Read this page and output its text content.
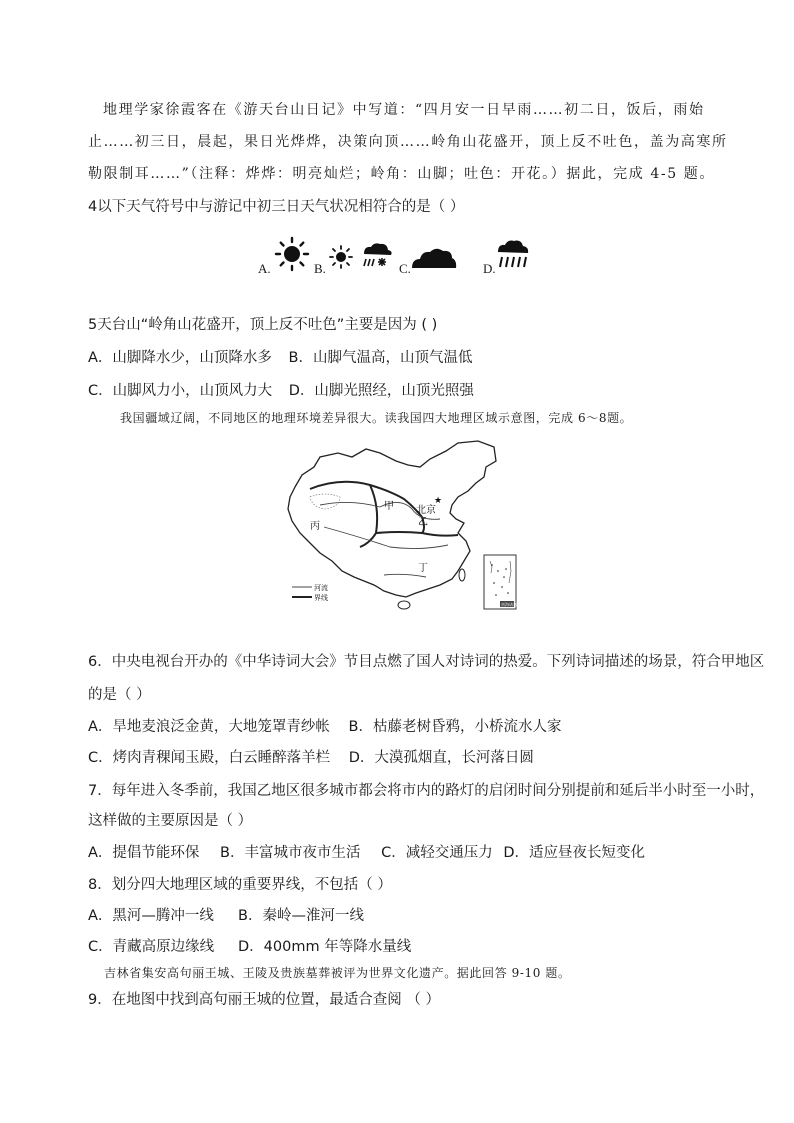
地理学家徐霞客在《游天台山日记》中写道：“四月安一日早雨……初二日，饭后，雨始
止……初三日，晨起，果日光烨烨，决策向顶……岭角山花盛开，顶上反不吐色，盖为高寒所
勒限制耳……”（注释：烨烨：明亮灿烂；岭角：山脚；吐色：开花。）据此，完成 4-5 题。
4以下天气符号中与游记中初三日天气状况相符合的是（ ）
A.	B.	C.	D.
5天台山“岭角山花盛开，顶上反不吐色”主要是因为 ( )
A．山脚降水少，山顶降水多 B．山脚气温高，山顶气温低
C．山脚风力小，山顶风力大 D．山脚光照经，山顶光照强
我国疆域辽阔，不同地区的地理环境差异很大。读我国四大地理区域示意图，完成 6～8题。
甲
乙
丙
丁
北京
★
河流
界线
南海诸岛
6．中央电视台开办的《中华诗词大会》节目点燃了国人对诗词的热爱。下列诗词描述的场景，符合甲地区
的是（ ）
A．旱地麦浪泛金黄，大地笼罩青纱帐 B．枯藤老树昏鸦，小桥流水人家
C．烤肉青稞闻玉殿，白云睡醉落羊栏 D．大漠孤烟直，长河落日圆
7．每年进入冬季前，我国乙地区很多城市都会将市内的路灯的启闭时间分别提前和延后半小时至一小时，
这样做的主要原因是（ ）
A．提倡节能环保 B．丰富城市夜市生活 C．减轻交通压力 D．适应昼夜长短变化
8．划分四大地理区域的重要界线，不包括（ ）
A．黑河—腾冲一线 B．秦岭—淮河一线
C．青藏高原边缘线 D．400mm 年等降水量线
吉林省集安高句丽王城、王陵及贵族墓葬被评为世界文化遗产。据此回答 9-10 题。
9．在地图中找到高句丽王城的位置，最适合查阅 （ ）
